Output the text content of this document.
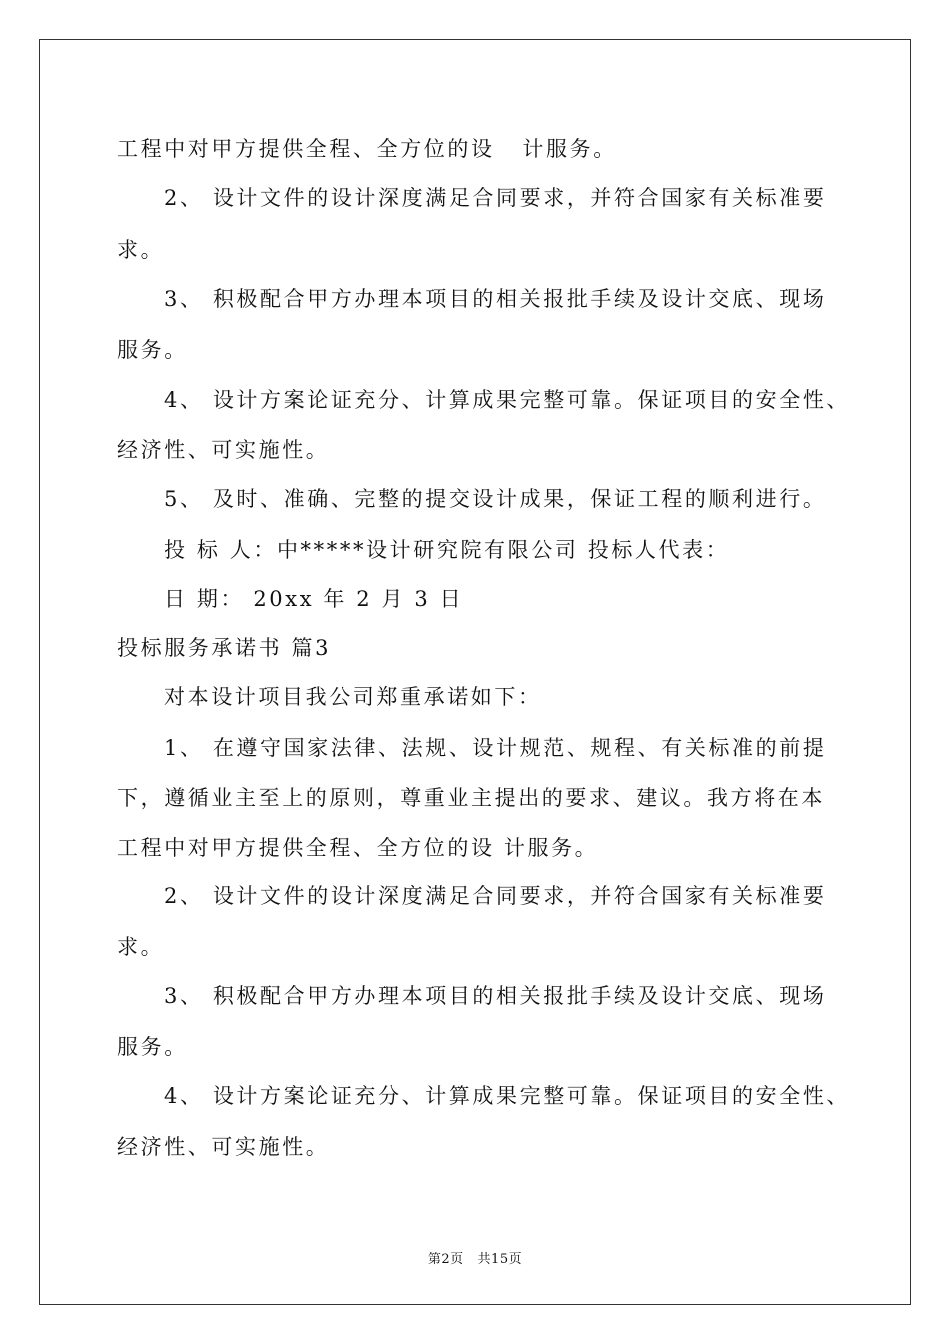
工程中对甲方提供全程、全方位的设   计服务。
2、 设计文件的设计深度满足合同要求，并符合国家有关标准要
求。
3、 积极配合甲方办理本项目的相关报批手续及设计交底、现场
服务。
4、 设计方案论证充分、计算成果完整可靠。保证项目的安全性、
经济性、可实施性。
5、 及时、准确、完整的提交设计成果，保证工程的顺利进行。
投 标 人：中*****设计研究院有限公司 投标人代表：
日 期： 20xx 年 2 月 3 日
投标服务承诺书 篇3
对本设计项目我公司郑重承诺如下：
1、 在遵守国家法律、法规、设计规范、规程、有关标准的前提
下，遵循业主至上的原则，尊重业主提出的要求、建议。我方将在本
工程中对甲方提供全程、全方位的设 计服务。
2、 设计文件的设计深度满足合同要求，并符合国家有关标准要
求。
3、 积极配合甲方办理本项目的相关报批手续及设计交底、现场
服务。
4、 设计方案论证充分、计算成果完整可靠。保证项目的安全性、
经济性、可实施性。
第2页   共15页
